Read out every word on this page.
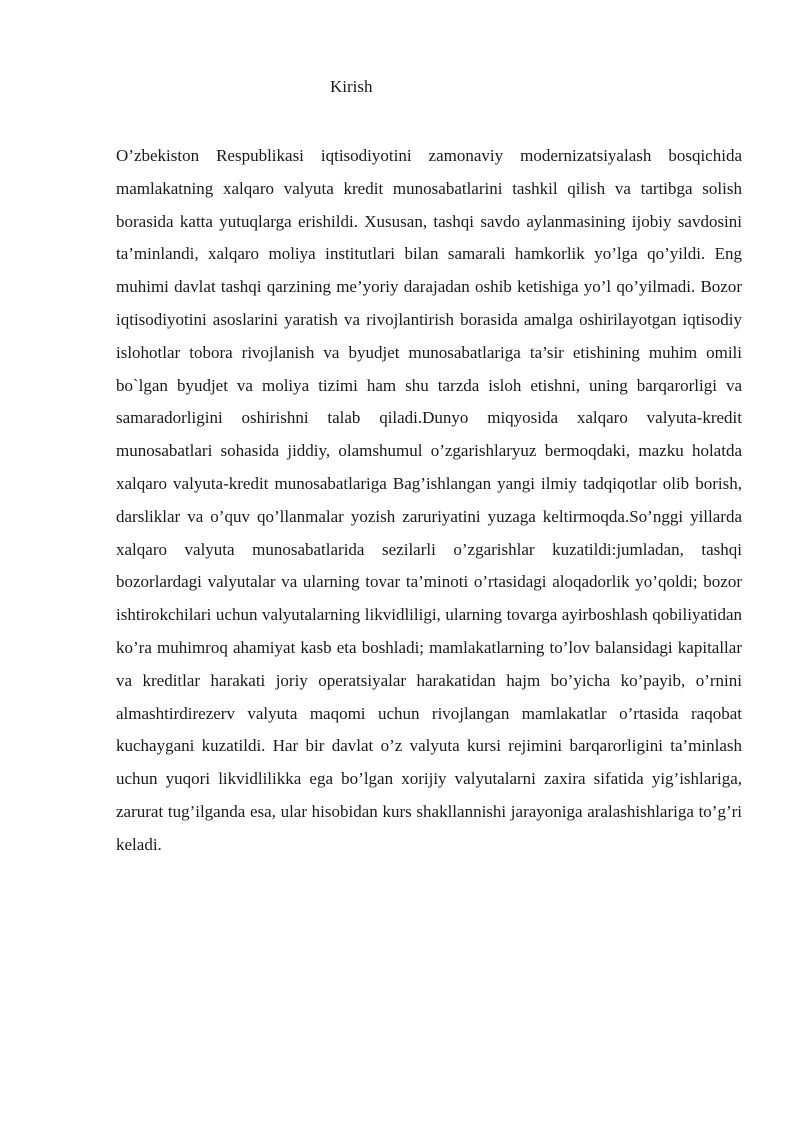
Kirish

O’zbekiston Respublikasi iqtisodiyotini zamonaviy modernizatsiyalash bosqichida mamlakatning xalqaro valyuta kredit munosabatlarini tashkil qilish va tartibga solish borasida katta yutuqlarga erishildi. Xususan, tashqi savdo aylanmasining ijobiy savdosini ta’minlandi, xalqaro moliya institutlari bilan samarali hamkorlik yo’lga qo’yildi. Eng muhimi davlat tashqi qarzining me’yoriy darajadan oshib ketishiga yo’l qo’yilmadi. Bozor iqtisodiyotini asoslarini yaratish va rivojlantirish borasida amalga oshirilayotgan iqtisodiy islohotlar tobora rivojlanish va byudjet munosabatlariga ta’sir etishining muhim omili bo`lgan byudjet va moliya tizimi ham shu tarzda isloh etishni, uning barqarorligi va samaradorligini oshirishni talab qiladi.Dunyo miqyosida xalqaro valyuta-kredit munosabatlari sohasida jiddiy, olamshumul o’zgarishlaryuz bermoqdaki, mazku holatda xalqaro valyuta-kredit munosabatlariga Bag’ishlangan yangi ilmiy tadqiqotlar olib borish, darsliklar va o’quv qo’llanmalar yozish zaruriyatini yuzaga keltirmoqda.So’nggi yillarda xalqaro valyuta munosabatlarida sezilarli o’zgarishlar kuzatildi:jumladan, tashqi bozorlardagi valyutalar va ularning tovar ta’minoti o’rtasidagi aloqadorlik yo’qoldi; bozor ishtirokchilari uchun valyutalarning likvidliligi, ularning tovarga ayirboshlash qobiliyatidan ko’ra muhimroq ahamiyat kasb eta boshladi; mamlakatlarning to’lov balansidagi kapitallar va kreditlar harakati joriy operatsiyalar harakatidan hajm bo’yicha ko’payib, o’rnini almashtirdirezerv valyuta maqomi uchun rivojlangan mamlakatlar o’rtasida raqobat kuchaygani kuzatildi. Har bir davlat o’z valyuta kursi rejimini barqarorligini ta’minlash uchun yuqori likvidlilikka ega bo’lgan xorijiy valyutalarni zaxira sifatida yig’ishlariga, zarurat tug’ilganda esa, ular hisobidan kurs shakllannishi jarayoniga aralashishlariga to’g’ri keladi.
